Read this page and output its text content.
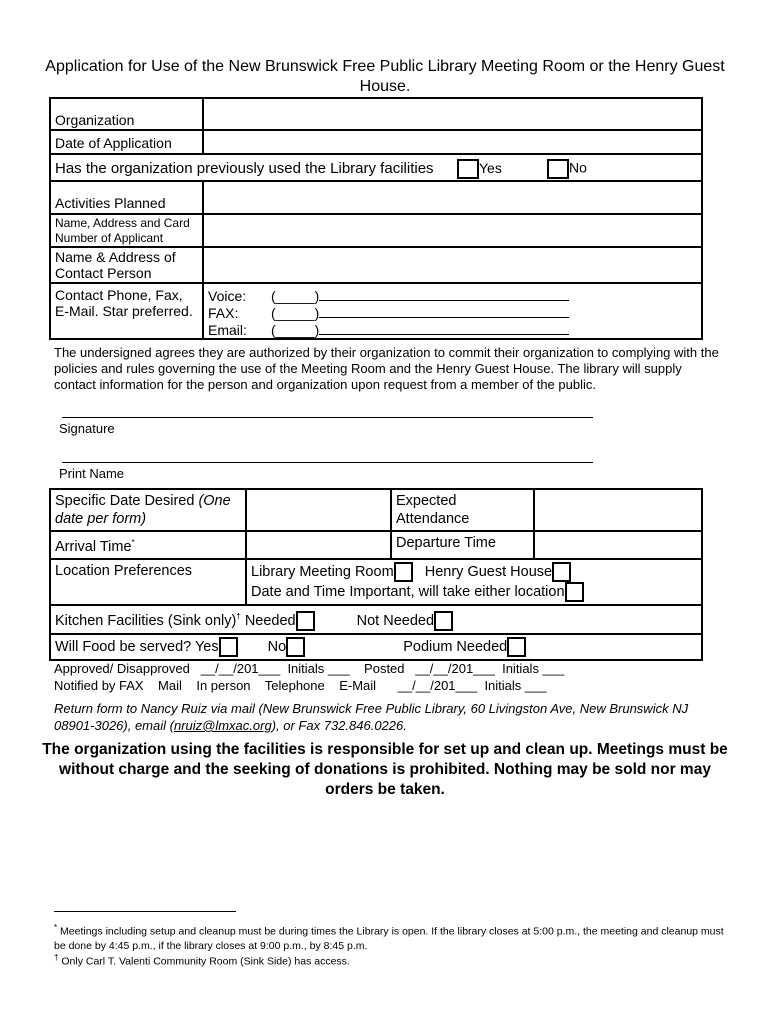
Application for Use of the New Brunswick Free Public Library Meeting Room or the Henry Guest House.
Organization	
Date of Application	
Has the organization previously used the Library facilities Yes No	
Activities Planned	
Name, Address and Card Number of Applicant	
Name & Address of Contact Person	
Contact Phone, Fax, E-Mail. Star preferred.	Voice: (_____)
FAX: (_____)
Email: (_____)
The undersigned agrees they are authorized by their organization to commit their organization to complying with the policies and rules governing the use of the Meeting Room and the Henry Guest House. The library will supply contact information for the person and organization upon request from a member of the public.
Signature
Print Name
Specific Date Desired (One date per form)		Expected Attendance	
Arrival Time*		Departure Time	
Location Preferences	Library Meeting Room Henry Guest House
Date and Time Important, will take either location		

Kitchen Facilities (Sink only)† Needed Not Needed			
Will Food be served? Yes No Podium Needed			
Approved/ Disapproved   __/__/201___  Initials ___    Posted   __/__/201___  Initials ___
Notified by FAX    Mail    In person    Telephone    E-Mail      __/__/201___  Initials ___
Return form to Nancy Ruiz via mail (New Brunswick Free Public Library, 60 Livingston Ave, New Brunswick NJ 08901-3026), email (nruiz@lmxac.org), or Fax 732.846.0226.
The organization using the facilities is responsible for set up and clean up. Meetings must be without charge and the seeking of donations is prohibited. Nothing may be sold nor may orders be taken.
* Meetings including setup and cleanup must be during times the Library is open. If the library closes at 5:00 p.m., the meeting and cleanup must be done by 4:45 p.m., if the library closes at 9:00 p.m., by 8:45 p.m.
† Only Carl T. Valenti Community Room (Sink Side) has access.
